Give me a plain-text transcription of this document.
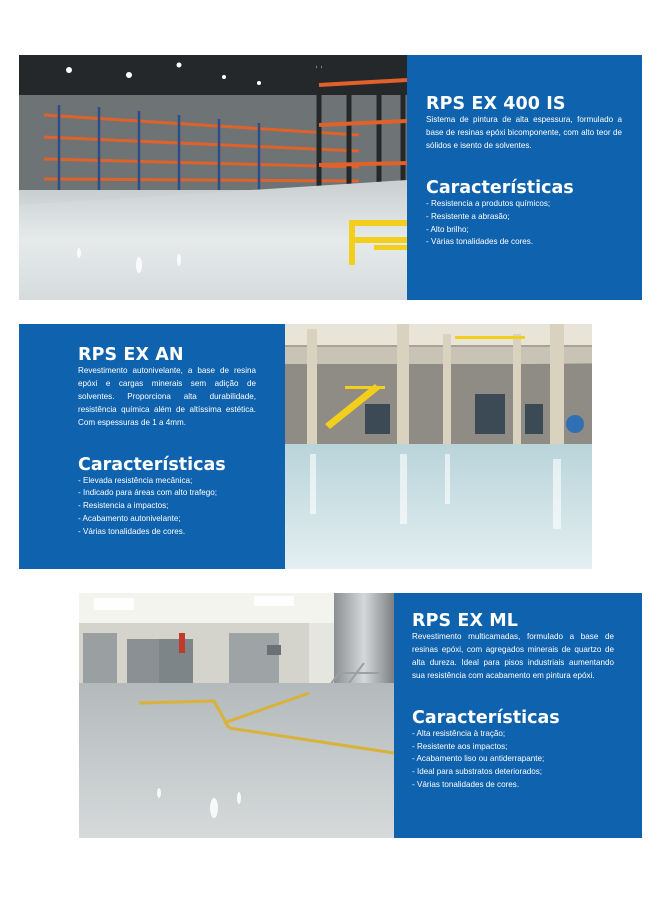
RPS EX 400 IS

Sistema de pintura de alta espessura, formulado a base de resinas epóxi bicomponente, com alto teor de sólidos e isento de solventes.

Características
- Resistencia a produtos químicos;
- Resistente a abrasão;
- Alto brilho;
- Várias tonalidades de cores.
RPS EX AN

Revestimento autonivelante, a base de resina epóxi e cargas minerais sem adição de solventes. Proporciona alta durabilidade, resistência química além de altíssima estética. Com espessuras de 1 a 4mm.

Características
- Elevada resistência mecânica;
- Indicado para áreas com alto trafego;
- Resistencia a impactos;
- Acabamento autonivelante;
- Várias tonalidades de cores.
RPS EX ML

Revestimento multicamadas, formulado a base de resinas epóxi, com agregados minerais de quartzo de alta dureza. Ideal para pisos industriais aumentando sua resistência com acabamento em pintura epóxi.

Características
- Alta resistência à tração;
- Resistente aos impactos;
- Acabamento liso ou antiderrapante;
- Ideal para substratos deteriorados;
- Várias tonalidades de cores.
